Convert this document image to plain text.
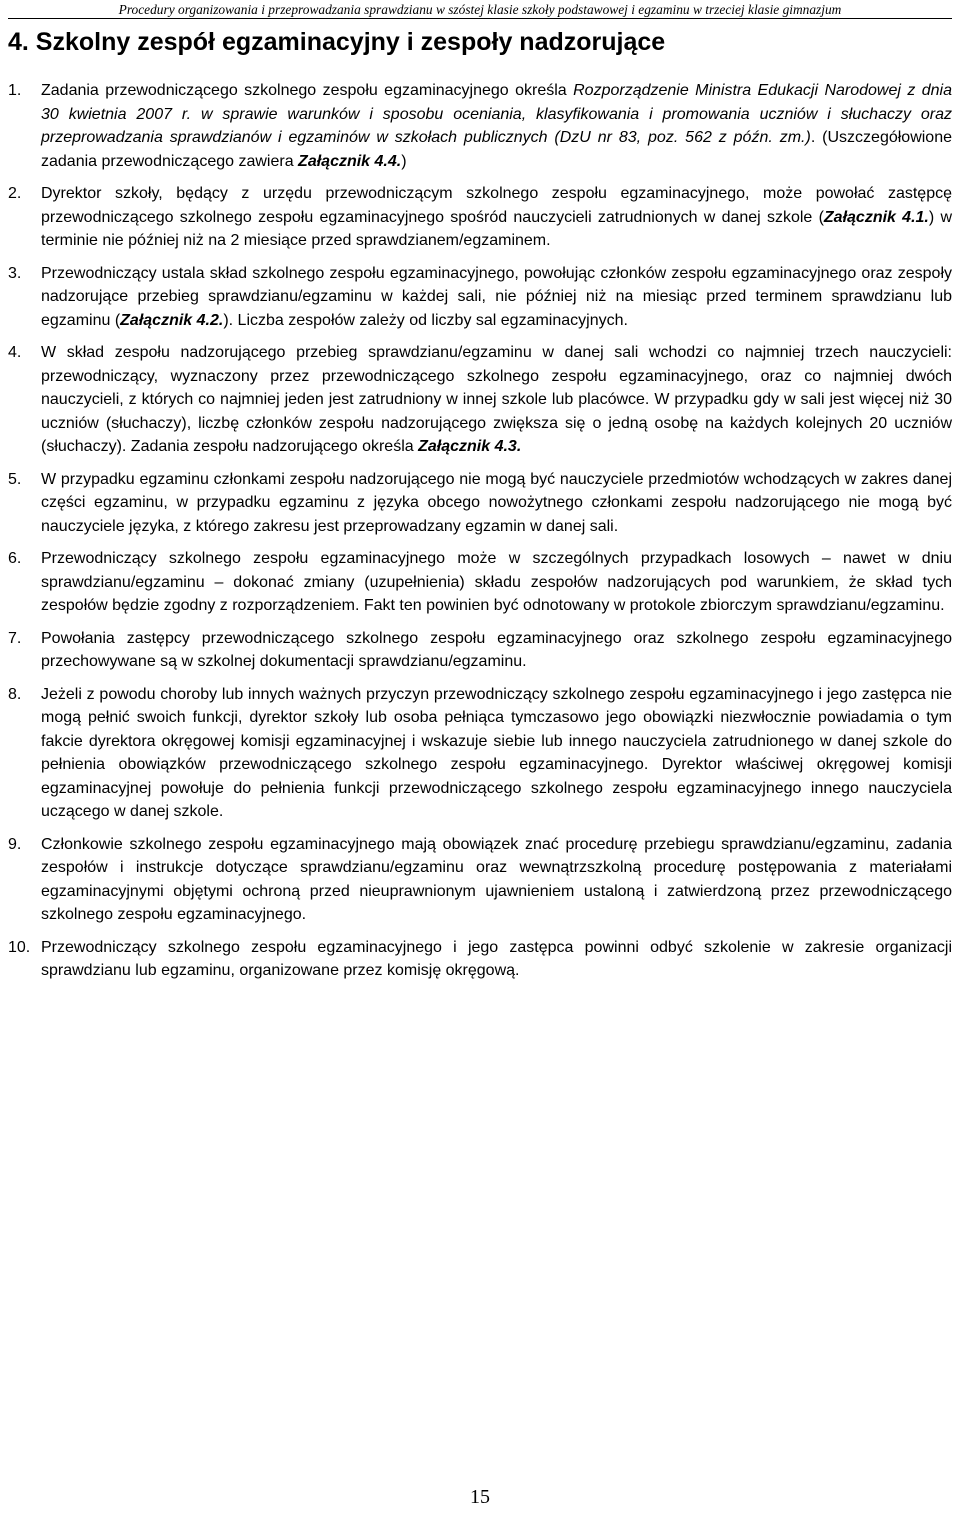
Procedury organizowania i przeprowadzania sprawdzianu w szóstej klasie szkoły podstawowej i egzaminu w trzeciej klasie gimnazjum
4. Szkolny zespół egzaminacyjny i zespoły nadzorujące
1.	Zadania przewodniczącego szkolnego zespołu egzaminacyjnego określa Rozporządzenie Ministra Edukacji Narodowej z dnia 30 kwietnia 2007 r. w sprawie warunków i sposobu oceniania, klasyfikowania i promowania uczniów i słuchaczy oraz przeprowadzania sprawdzianów i egzaminów w szkołach publicznych (DzU nr 83, poz. 562 z późn. zm.). (Uszczegółowione zadania przewodniczącego zawiera Załącznik 4.4.)
2.	Dyrektor szkoły, będący z urzędu przewodniczącym szkolnego zespołu egzaminacyjnego, może powołać zastępcę przewodniczącego szkolnego zespołu egzaminacyjnego spośród nauczycieli zatrudnionych w danej szkole (Załącznik 4.1.) w terminie nie później niż na 2 miesiące przed sprawdzianem/egzaminem.
3.	Przewodniczący ustala skład szkolnego zespołu egzaminacyjnego, powołując członków zespołu egzaminacyjnego oraz zespoły nadzorujące przebieg sprawdzianu/egzaminu w każdej sali, nie później niż na miesiąc przed terminem sprawdzianu lub egzaminu (Załącznik 4.2.). Liczba zespołów zależy od liczby sal egzaminacyjnych.
4.	W skład zespołu nadzorującego przebieg sprawdzianu/egzaminu w danej sali wchodzi co najmniej trzech nauczycieli: przewodniczący, wyznaczony przez przewodniczącego szkolnego zespołu egzaminacyjnego, oraz co najmniej dwóch nauczycieli, z których co najmniej jeden jest zatrudniony w innej szkole lub placówce. W przypadku gdy w sali jest więcej niż 30 uczniów (słuchaczy), liczbę członków zespołu nadzorującego zwiększa się o jedną osobę na każdych kolejnych 20 uczniów (słuchaczy). Zadania zespołu nadzorującego określa Załącznik 4.3.
5.	W przypadku egzaminu członkami zespołu nadzorującego nie mogą być nauczyciele przedmiotów wchodzących w zakres danej części egzaminu, w przypadku egzaminu z języka obcego nowożytnego członkami zespołu nadzorującego nie mogą być nauczyciele języka, z którego zakresu jest przeprowadzany egzamin w danej sali.
6.	Przewodniczący szkolnego zespołu egzaminacyjnego może w szczególnych przypadkach losowych – nawet w dniu sprawdzianu/egzaminu – dokonać zmiany (uzupełnienia) składu zespołów nadzorujących pod warunkiem, że skład tych zespołów będzie zgodny z rozporządzeniem. Fakt ten powinien być odnotowany w protokole zbiorczym sprawdzianu/egzaminu.
7.	Powołania zastępcy przewodniczącego szkolnego zespołu egzaminacyjnego oraz szkolnego zespołu egzaminacyjnego przechowywane są w szkolnej dokumentacji sprawdzianu/egzaminu.
8.	Jeżeli z powodu choroby lub innych ważnych przyczyn przewodniczący szkolnego zespołu egzaminacyjnego i jego zastępca nie mogą pełnić swoich funkcji, dyrektor szkoły lub osoba pełniąca tymczasowo jego obowiązki niezwłocznie powiadamia o tym fakcie dyrektora okręgowej komisji egzaminacyjnej i wskazuje siebie lub innego nauczyciela zatrudnionego w danej szkole do pełnienia obowiązków przewodniczącego szkolnego zespołu egzaminacyjnego. Dyrektor właściwej okręgowej komisji egzaminacyjnej powołuje do pełnienia funkcji przewodniczącego szkolnego zespołu egzaminacyjnego innego nauczyciela uczącego w danej szkole.
9.	Członkowie szkolnego zespołu egzaminacyjnego mają obowiązek znać procedurę przebiegu sprawdzianu/egzaminu, zadania zespołów i instrukcje dotyczące sprawdzianu/egzaminu oraz wewnątrzszkolną procedurę postępowania z materiałami egzaminacyjnymi objętymi ochroną przed nieuprawnionym ujawnieniem ustaloną i zatwierdzoną przez przewodniczącego szkolnego zespołu egzaminacyjnego.
10. Przewodniczący szkolnego zespołu egzaminacyjnego i jego zastępca powinni odbyć szkolenie w zakresie organizacji sprawdzianu lub egzaminu, organizowane przez komisję okręgową.
15
